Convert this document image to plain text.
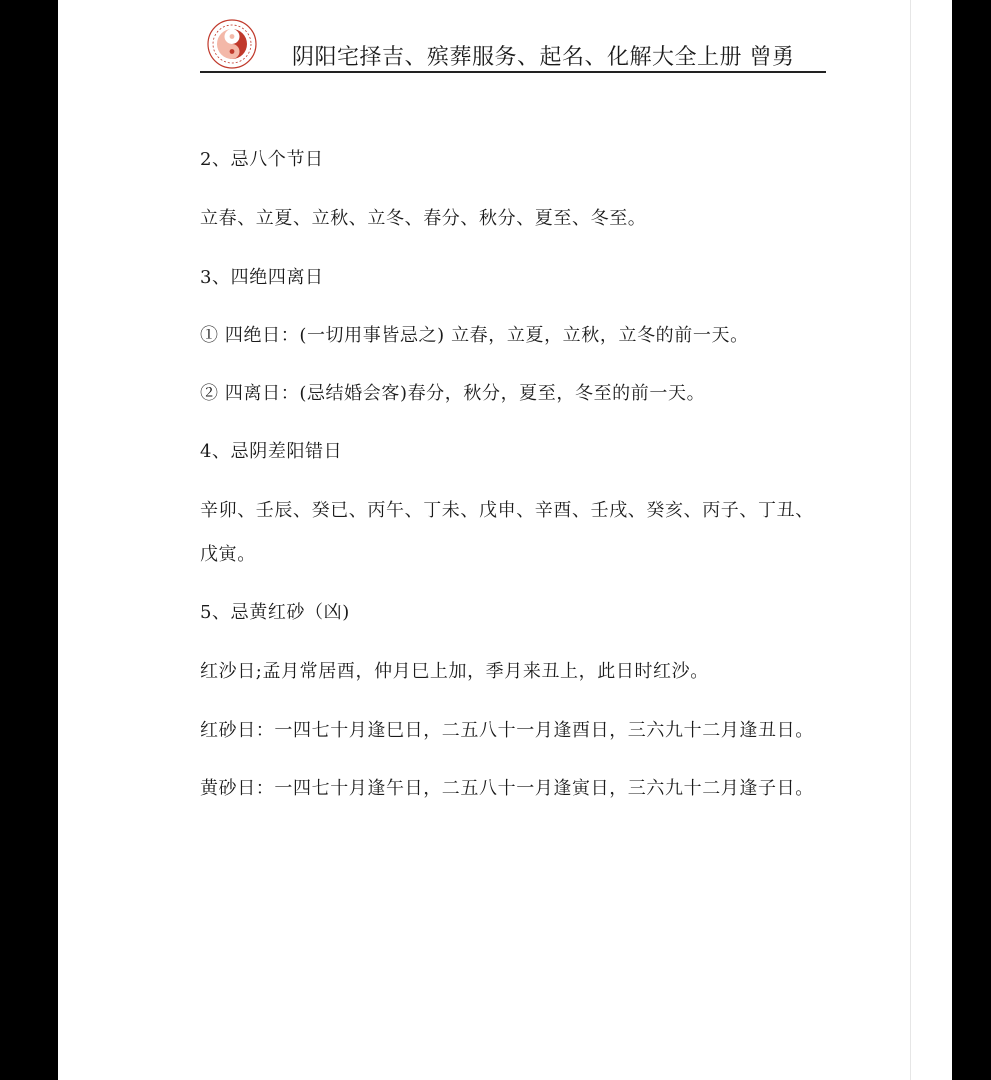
阴阳宅择吉、殡葬服务、起名、化解大全上册 曾勇
2、忌八个节日
立春、立夏、立秋、立冬、春分、秋分、夏至、冬至。
3、四绝四离日
① 四绝日：(一切用事皆忌之) 立春，立夏，立秋，立冬的前一天。
② 四离日：(忌结婚会客)春分，秋分，夏至，冬至的前一天。
4、忌阴差阳错日
辛卯、壬辰、癸已、丙午、丁未、戊申、辛酉、壬戌、癸亥、丙子、丁丑、
戊寅。
5、忌黄红砂（凶)
红沙日;孟月常居酉，仲月巳上加，季月来丑上，此日时红沙。
红砂日：一四七十月逢巳日，二五八十一月逢酉日，三六九十二月逢丑日。
黄砂日：一四七十月逢午日，二五八十一月逢寅日，三六九十二月逢子日。
